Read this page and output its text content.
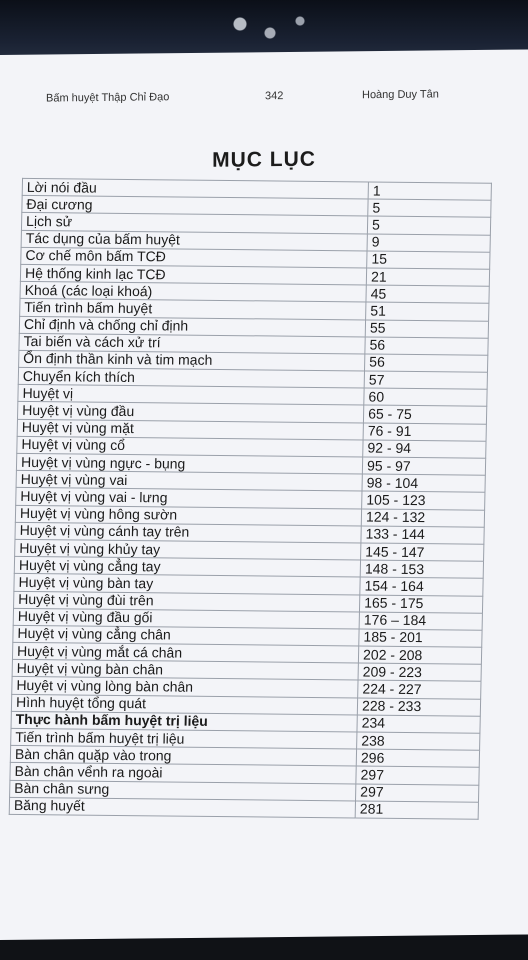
Bấm huyệt Thập Chỉ Đạo	342	Hoàng Duy Tân
MỤC LỤC
Lời nói đầu	1
Đại cương	5
Lịch sử	5
Tác dụng của bấm huyệt	9
Cơ chế môn bấm TCĐ	15
Hệ thống kinh lạc TCĐ	21
Khoá (các loại khoá)	45
Tiến trình bấm huyệt	51
Chỉ định và chống chỉ định	55
Tai biến và cách xử trí	56
Ổn định thần kinh và tim mạch	56
Chuyển kích thích	57
Huyệt vị	60
Huyệt vị vùng đầu	65 - 75
Huyệt vị vùng mặt	76 - 91
Huyệt vị vùng cổ	92 - 94
Huyệt vị vùng ngực - bụng	95 - 97
Huyệt vị vùng vai	98 - 104
Huyệt vị vùng vai - lưng	105 - 123
Huyệt vị vùng hông sườn	124 - 132
Huyệt vị vùng cánh tay trên	133 - 144
Huyệt vị vùng khủy tay	145 - 147
Huyệt vị vùng cẳng tay	148 - 153
Huyệt vị vùng bàn tay	154 - 164
Huyệt vị vùng đùi trên	165 - 175
Huyệt vị vùng đầu gối	176 – 184
Huyệt vị vùng cẳng chân	185 - 201
Huyệt vị vùng mắt cá chân	202 - 208
Huyệt vị vùng bàn chân	209 - 223
Huyệt vị vùng lòng bàn chân	224 - 227
Hình huyệt tổng quát	228 - 233
Thực hành bấm huyệt trị liệu	234
Tiến trình bấm huyệt trị liệu	238
Bàn chân quặp vào trong	296
Bàn chân vểnh ra ngoài	297
Bàn chân sưng	297
Băng huyết	281
